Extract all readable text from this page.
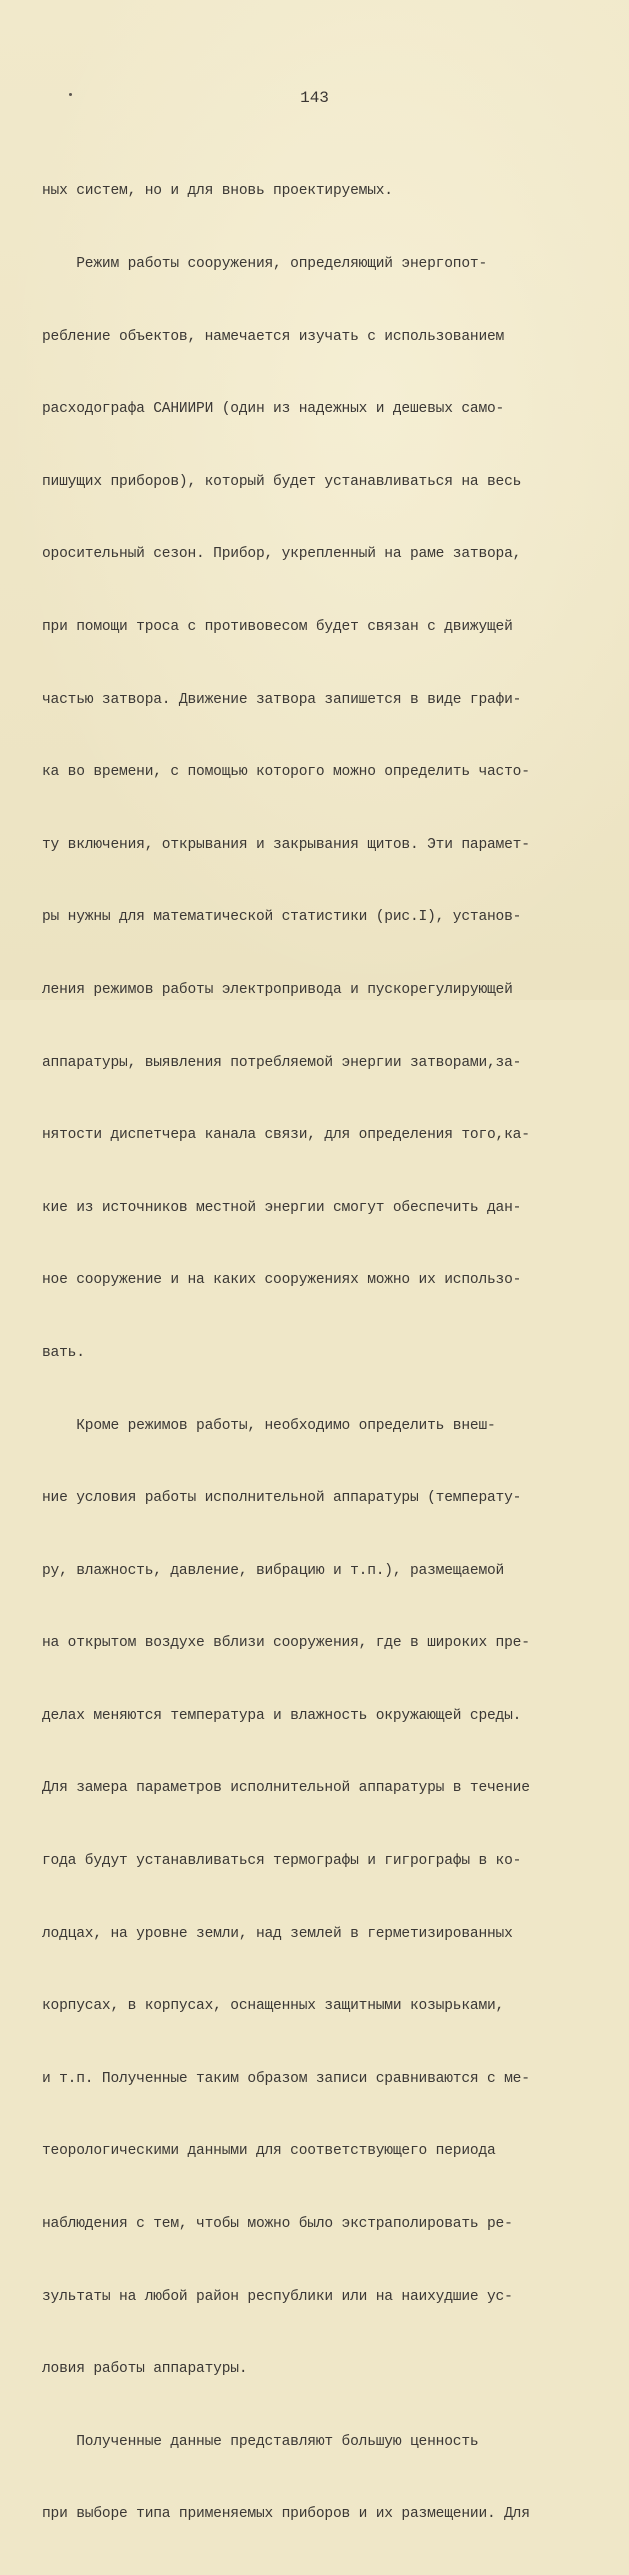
143

ных систем, но и для вновь проектируемых.

Режим работы сооружения, определяющий энергопот-

ребление объектов, намечается изучать с использованием

расходографа САНИИРИ (один из надежных и дешевых само-

пишущих приборов), который будет устанавливаться на весь

оросительный сезон. Прибор, укрепленный на раме затвора,

при помощи троса с противовесом будет связан с движущей

частью затвора. Движение затвора запишется в виде графи-

ка во времени, с помощью которого можно определить часто-

ту включения, открывания и закрывания щитов. Эти парамет-

ры нужны для математической статистики (рис.I), установ-

ления режимов работы электропривода и пускорегулирующей

аппаратуры, выявления потребляемой энергии затворами,за-

нятости диспетчера канала связи, для определения того,ка-

кие из источников местной энергии смогут обеспечить дан-

ное сооружение и на каких сооружениях можно их использо-

вать.

Кроме режимов работы, необходимо определить внеш-

ние условия работы исполнительной аппаратуры (температу-

ру, влажность, давление, вибрацию и т.п.), размещаемой

на открытом воздухе вблизи сооружения, где в широких пре-

делах меняются температура и влажность окружающей среды.

Для замера параметров исполнительной аппаратуры в течение

года будут устанавливаться термографы и гигрографы в ко-

лодцах, на уровне земли, над землей в герметизированных

корпусах, в корпусах, оснащенных защитными козырьками,

и т.п. Полученные таким образом записи сравниваются с ме-

теорологическими данными для соответствующего периода

наблюдения с тем, чтобы можно было экстраполировать ре-

зультаты на любой район республики или на наихудшие ус-

ловия работы аппаратуры.

Полученные данные представляют большую ценность

при выборе типа применяемых приборов и их размещении. Для
